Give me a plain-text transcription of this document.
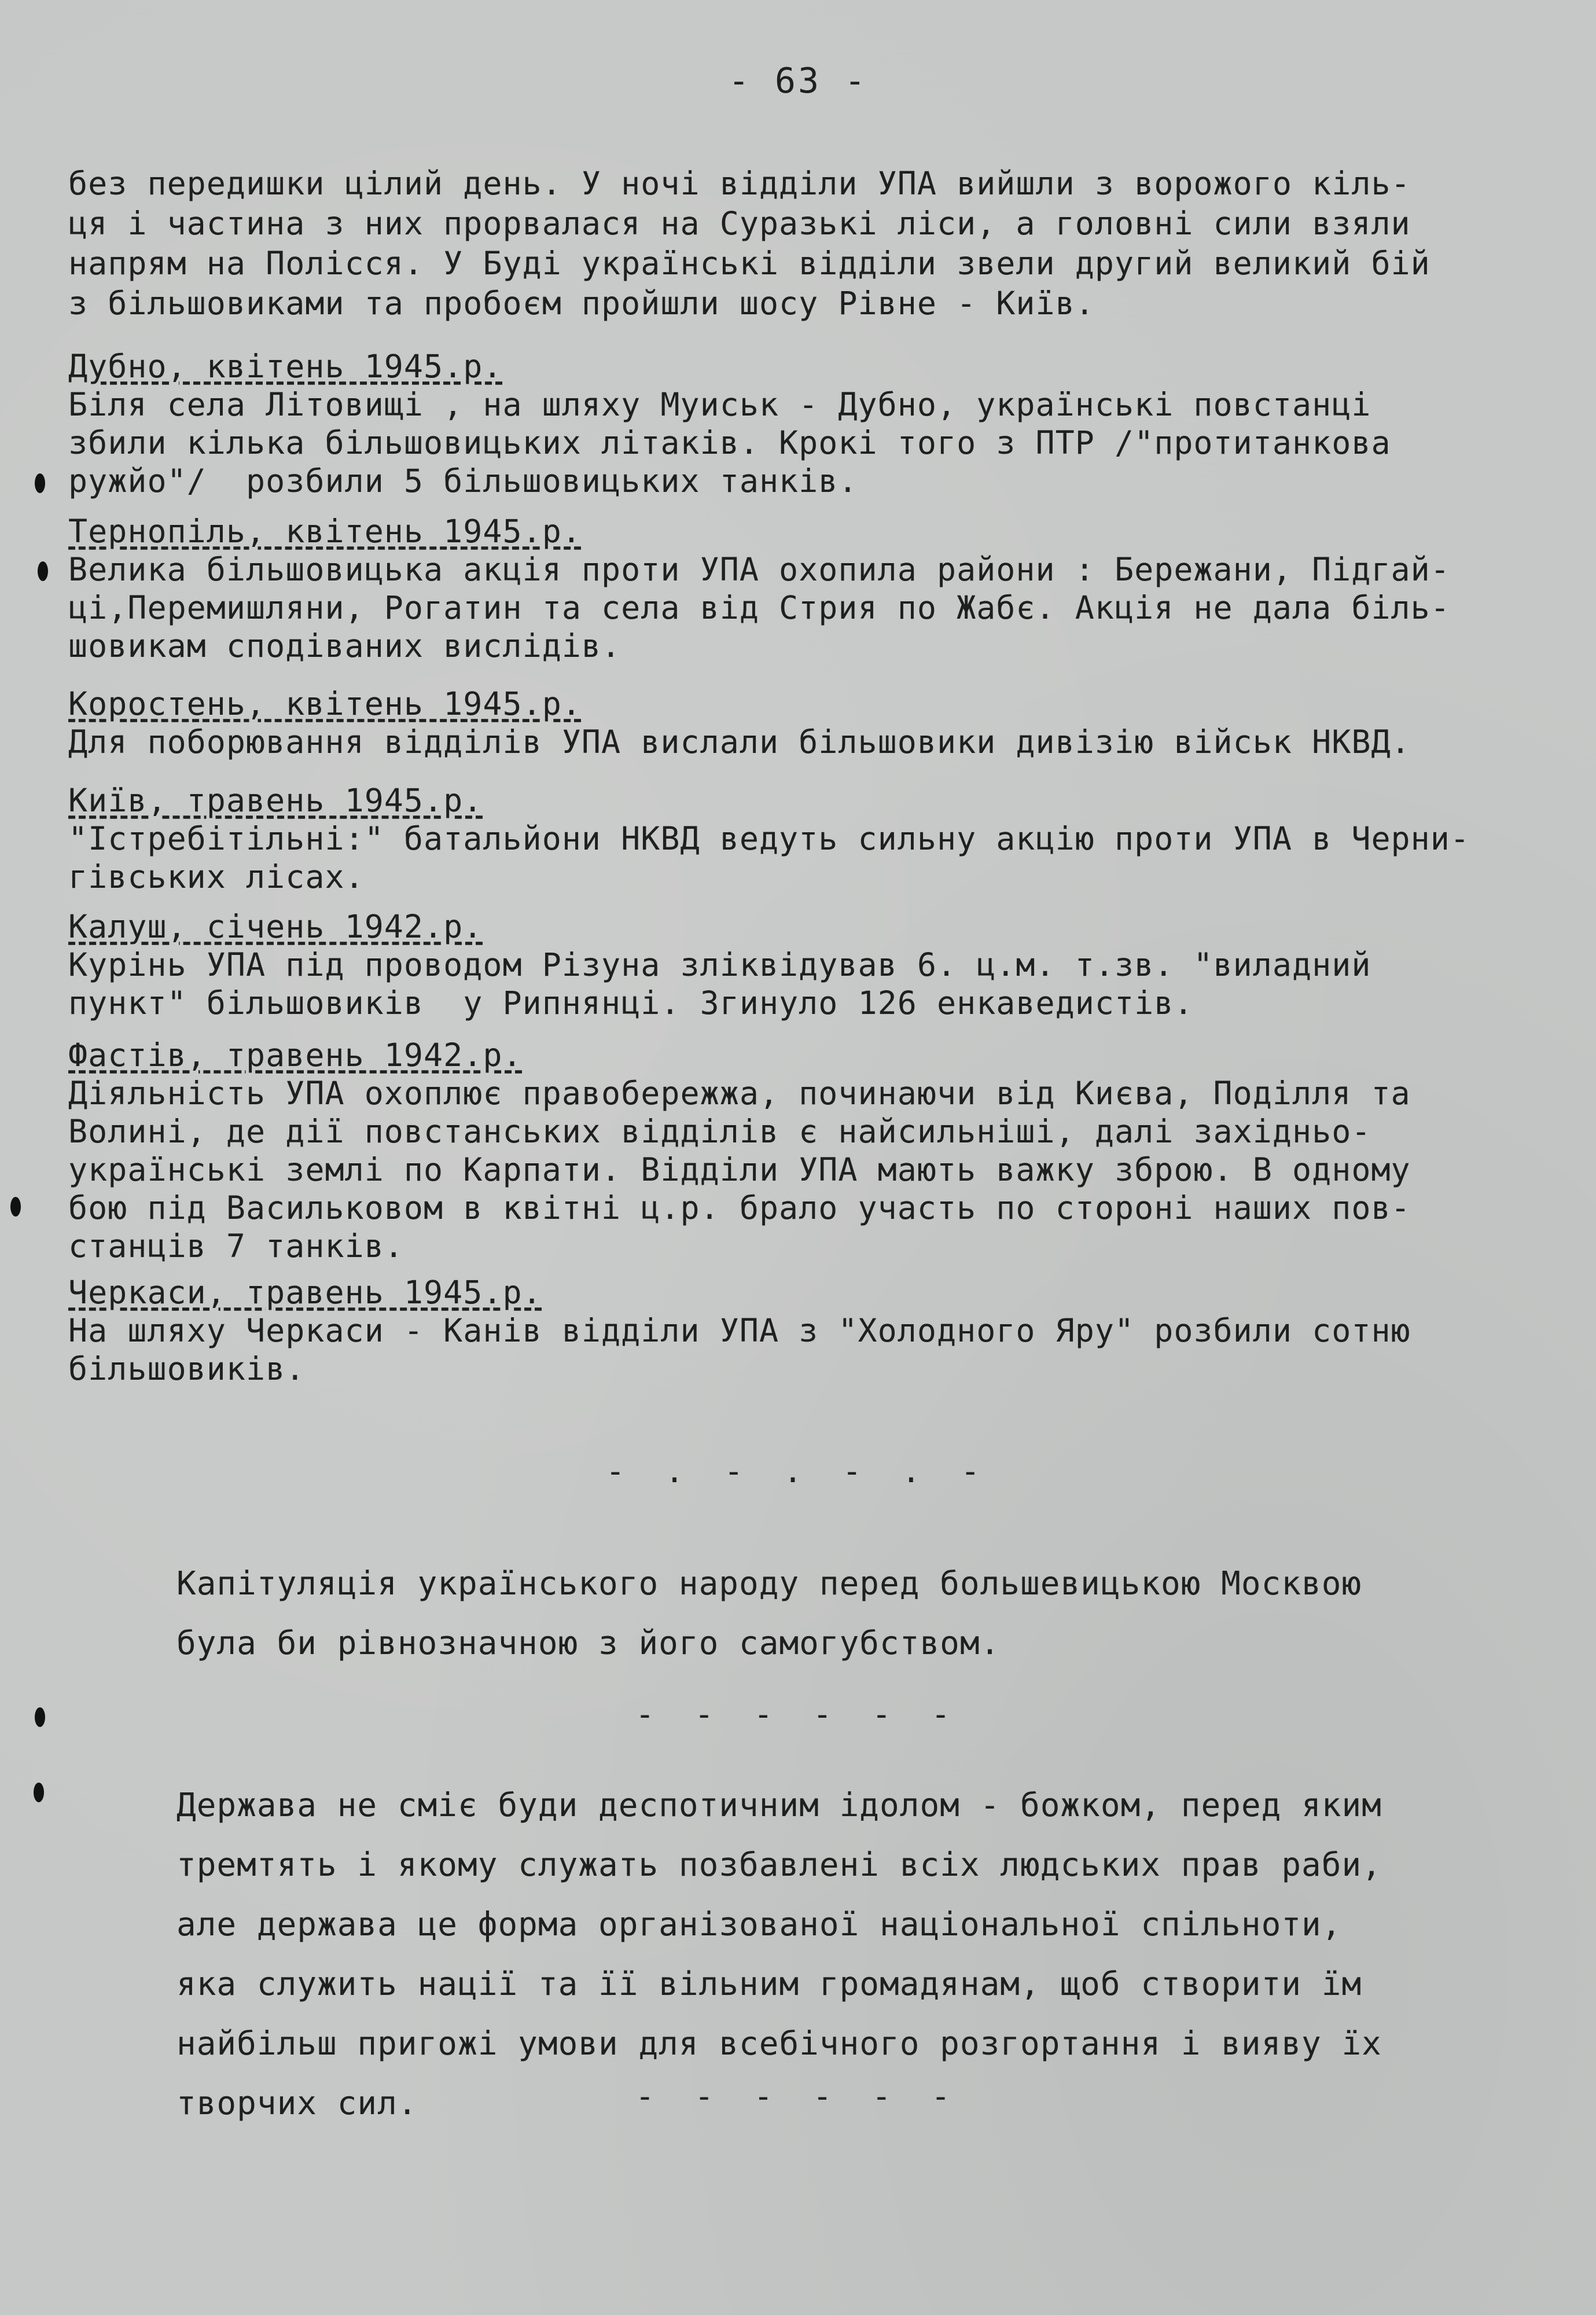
- 63 -
без передишки цілий день. У ночі відділи УПА вийшли з ворожого кіль-
ця і частина з них прорвалася на Суразькі ліси, а головні сили взяли
напрям на Полісся. У Буді українські відділи звели другий великий бій
з більшовиками та пробоєм пройшли шосу Рівне - Київ.
Дубно, квітень 1945.р.
Біля села Літовищі , на шляху Муиськ - Дубно, українські повстанці
збили кількa більшовицьких літаків. Крокі того з ПТР /"протитанкова
ружйо"/  розбили 5 більшовицьких танків.
Тернопіль, квітень 1945.р.
Велика більшовицька акція проти УПА охопила райони : Бережани, Підгай-
ці,Перемишляни, Рогатин та села від Стрия по Жабє. Акція не дала біль-
шовикам сподіваних вислідів.
Коростень, квітень 1945.р.
Для поборювання відділів УПА вислали більшовики дивізію військ НКВД.
Київ, травень 1945.р.
"Істребітільні:" батальйони НКВД ведуть сильну акцію проти УПА в Черни-
гівських лісах.
Калуш, січень 1942.р.
Курінь УПА під проводом Різуна зліквідував 6. ц.м. т.зв. "виладний
пункт" більшовиків  у Рипнянці. Згинуло 126 енкаведистів.
Фастів, травень 1942.р.
Діяльність УПА охоплює правобережжа, починаючи від Києва, Поділля та
Волині, де дії повстанських відділів є найсильніші, далі західньо-
українські землі по Карпати. Відділи УПА мають важку зброю. В одному
бою під Васильковом в квітні ц.р. брало участь по стороні наших пов-
станців 7 танків.
Черкаси, травень 1945.р.
На шляху Черкаси - Канів відділи УПА з "Холодного Яру" розбили сотню
більшовиків.
- . - . - . -
Капітуляція українського народу перед большевицькою Москвою
була би рівнозначною з його самогубством.
- - - - - -
Держава не сміє буди деспотичним ідолом - божком, перед яким
тремтять і якому служать позбавлені всіх людських прав раби,
але держава це форма організованої національної спільноти,
яка служить нації та її вільним громадянам, щоб створити їм
найбільш пригожі умови для всебічного розгортання і вияву їх
творчих сил.	- - - - - -
